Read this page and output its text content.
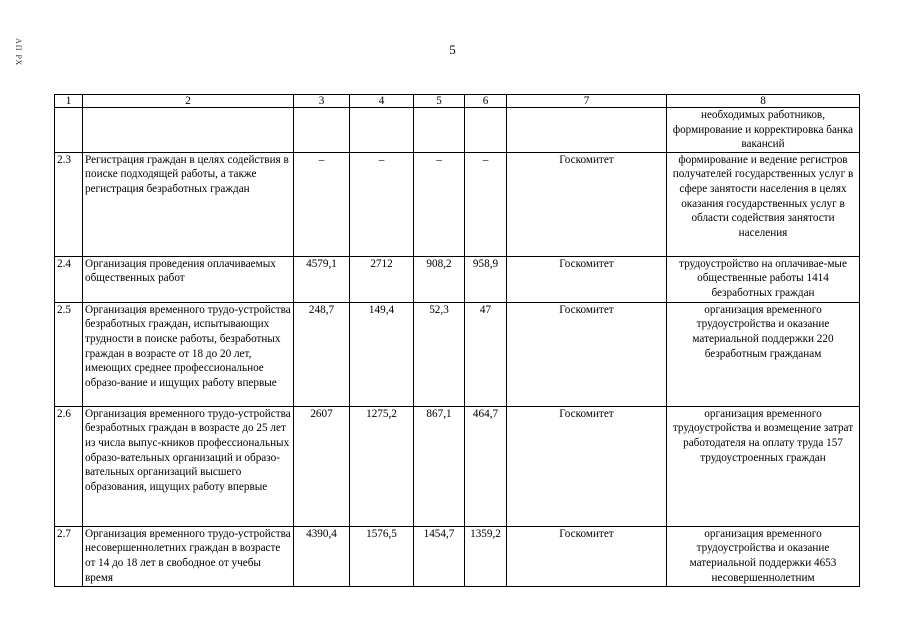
АП РХ	5
1	2	3	4	5	6	7	8
							необходимых работников, формирование и корректировка банка вакансий
2.3	Регистрация граждан в целях содействия в поиске подходящей работы, а также регистрация безработных граждан	–	–	–	–	Госкомитет	формирование и ведение регистров получателей государственных услуг в сфере занятости населения в целях оказания государственных услуг в области содействия занятости населения
2.4	Организация проведения оплачиваемых общественных работ	4579,1	2712	908,2	958,9	Госкомитет	трудоустройство на оплачивае-мые общественные работы 1414 безработных граждан
2.5	Организация временного трудо-устройства безработных граждан, испытывающих трудности в поиске работы, безработных граждан в возрасте от 18 до 20 лет, имеющих среднее профессиональное образо-вание и ищущих работу впервые	248,7	149,4	52,3	47	Госкомитет	организация временного трудоустройства и оказание материальной поддержки 220 безработным гражданам
2.6	Организация временного трудо-устройства безработных граждан в возрасте до 25 лет из числа выпус-кников профессиональных образо-вательных организаций и образо-вательных организаций высшего образования, ищущих работу впервые	2607	1275,2	867,1	464,7	Госкомитет	организация временного трудоустройства и возмещение затрат работодателя на оплату труда 157 трудоустроенных граждан
2.7	Организация временного трудо-устройства несовершеннолетних граждан в возрасте от 14 до 18 лет в свободное от учебы время	4390,4	1576,5	1454,7	1359,2	Госкомитет	организация временного трудоустройства и оказание материальной поддержки 4653 несовершеннолетним
